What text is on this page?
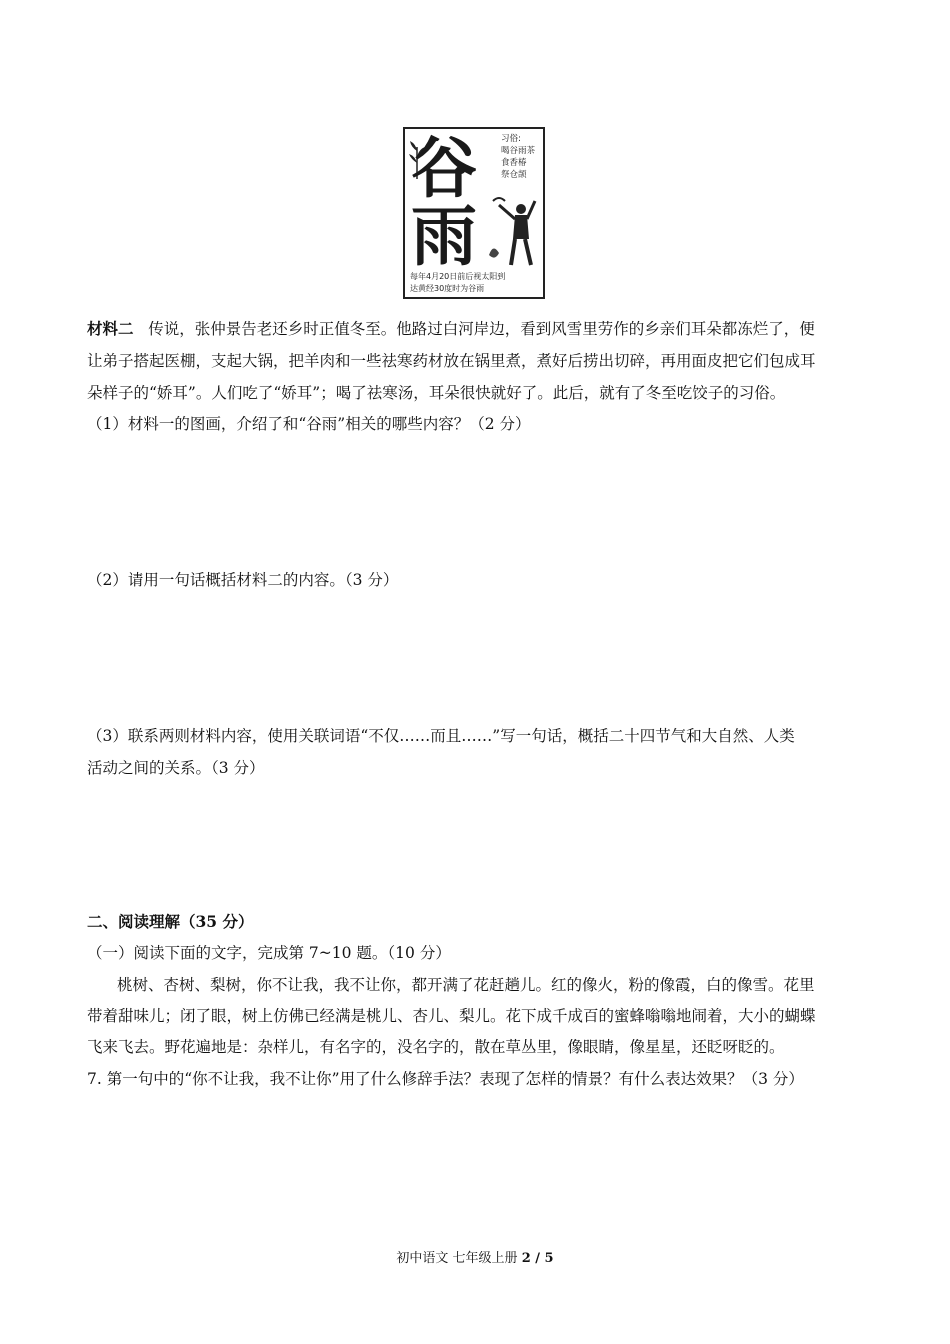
谷
雨
习俗:
喝谷雨茶
食香椿
祭仓颉
每年4月20日前后视太阳到
达黄经30度时为谷雨
材料二 传说，张仲景告老还乡时正值冬至。他路过白河岸边，看到风雪里劳作的乡亲们耳朵都冻烂了，便
让弟子搭起医棚，支起大锅，把羊肉和一些祛寒药材放在锅里煮，煮好后捞出切碎，再用面皮把它们包成耳
朵样子的“娇耳”。人们吃了“娇耳”；喝了祛寒汤，耳朵很快就好了。此后，就有了冬至吃饺子的习俗。
（1）材料一的图画，介绍了和“谷雨”相关的哪些内容？（2 分）
（2）请用一句话概括材料二的内容。（3 分）
（3）联系两则材料内容，使用关联词语“不仅……而且……”写一句话，概括二十四节气和大自然、人类
活动之间的关系。（3 分）
二、阅读理解（35 分）
（一）阅读下面的文字，完成第 7~10 题。（10 分）
桃树、杏树、梨树，你不让我，我不让你，都开满了花赶趟儿。红的像火，粉的像霞，白的像雪。花里
带着甜味儿；闭了眼，树上仿佛已经满是桃儿、杏儿、梨儿。花下成千成百的蜜蜂嗡嗡地闹着，大小的蝴蝶
飞来飞去。野花遍地是：杂样儿，有名字的，没名字的，散在草丛里，像眼睛，像星星，还眨呀眨的。
7. 第一句中的“你不让我，我不让你”用了什么修辞手法？表现了怎样的情景？有什么表达效果？（3 分）
初中语文 七年级上册 2 / 5
